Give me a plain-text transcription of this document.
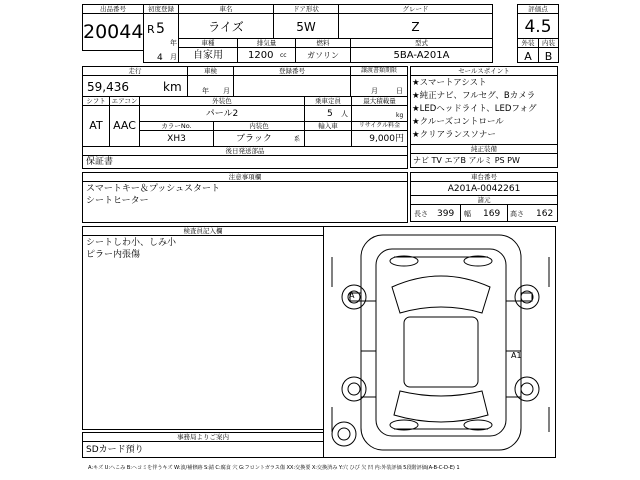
出品番号
20044
初度登録
R 5
年
4 月
車名
ライズ
ドア形状
5W
グレード
Z
評価点
4.5
外装	内装
A	B
車種
自家用
排気量
1200 cc
燃料
ガソリン
型式
5BA-A201A
走行
59,436	km
車検
年 月
登録番号	譲渡書類期限
月	日
シフト
AT
エアコン
AAC
外装色
パール2
乗車定員
5 人
最大積載量
kg
カラーNo.
XH3
内装色
ブラック	系
輸入車	リサイクル料金
9,000円
後日発送部品
保証書
注意事項欄
スマートキー＆プッシュスタート
シートヒーター
セールスポイント
★スマートアシスト
★純正ナビ、フルセグ、Bカメラ
★LEDヘッドライト、LEDフォグ
★クルーズコントロール
★クリアランスソナー
純正装備
ナビ TV エアB アルミ PS PW
車台番号
A201A-0042261
諸元
長さ 399 幅 169 高さ 162
検査員記入欄
シートしわ小、しみ小
ピラー内張傷
事務局よりご案内
SDカード預り
A
A1
A:キズ U:へこみ B:ヘコミを伴うキズ W:波/補修跡 S:錆 C:腐食 穴 G:フロントガラス傷 XX:交換要 X:交換済み Y:穴 ひび 欠 凹 内:外装評価 5段階評価(A-B-C-D-E) 1
